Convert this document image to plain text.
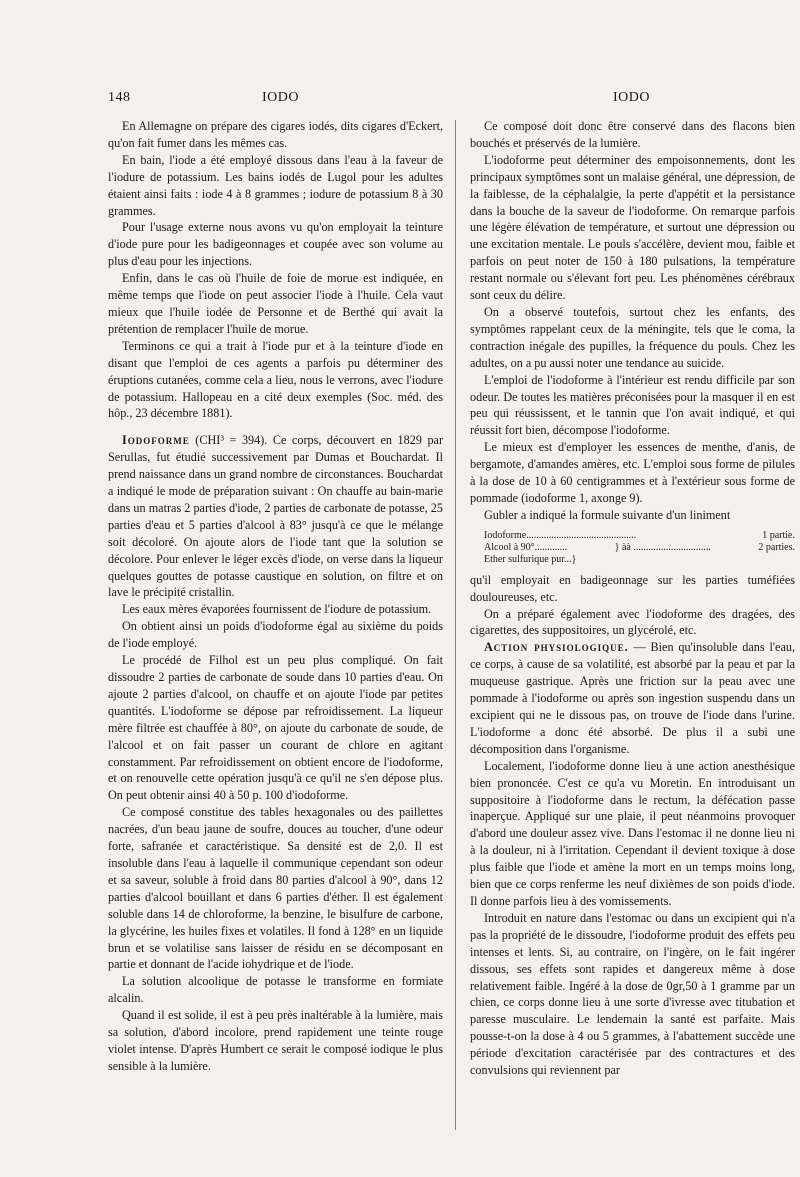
148	IODO	IODO

En Allemagne on prépare des cigares iodés, dits cigares d'Eckert, qu'on fait fumer dans les mêmes cas.

En bain, l'iode a été employé dissous dans l'eau à la faveur de l'iodure de potassium. Les bains iodés de Lugol pour les adultes étaient ainsi faits : iode 4 à 8 grammes ; iodure de potassium 8 à 30 grammes.

Pour l'usage externe nous avons vu qu'on employait la teinture d'iode pure pour les badigeonnages et coupée avec son volume au plus d'eau pour les injections.

Enfin, dans le cas où l'huile de foie de morue est indiquée, en même temps que l'iode on peut associer l'iode à l'huile. Cela vaut mieux que l'huile iodée de Personne et de Berthé qui avait la prétention de remplacer l'huile de morue.

Terminons ce qui a trait à l'iode pur et à la teinture d'iode en disant que l'emploi de ces agents a parfois pu déterminer des éruptions cutanées, comme cela a lieu, nous le verrons, avec l'iodure de potassium. Hallopeau en a cité deux exemples (Soc. méd. des hôp., 23 décembre 1881).

Iodoforme (CHI³ = 394). Ce corps, découvert en 1829 par Serullas, fut étudié successivement par Dumas et Bouchardat. Il prend naissance dans un grand nombre de circonstances. Bouchardat a indiqué le mode de préparation suivant : On chauffe au bain-marie dans un matras 2 parties d'iode, 2 parties de carbonate de potasse, 25 parties d'eau et 5 parties d'alcool à 83° jusqu'à ce que le mélange soit décoloré. On ajoute alors de l'iode tant que la solution se décolore. Pour enlever le léger excès d'iode, on verse dans la liqueur quelques gouttes de potasse caustique en solution, on filtre et on lave le précipité cristallin.

Les eaux mères évaporées fournissent de l'iodure de potassium.

On obtient ainsi un poids d'iodoforme égal au sixième du poids de l'iode employé.

Le procédé de Filhol est un peu plus compliqué. On fait dissoudre 2 parties de carbonate de soude dans 10 parties d'eau. On ajoute 2 parties d'alcool, on chauffe et on ajoute l'iode par petites quantités. L'iodoforme se dépose par refroidissement. La liqueur mère filtrée est chauffée à 80°, on ajoute du carbonate de soude, de l'alcool et on fait passer un courant de chlore en agitant constamment. Par refroidissement on obtient encore de l'iodoforme, et on renouvelle cette opération jusqu'à ce qu'il ne s'en dépose plus. On peut obtenir ainsi 40 à 50 p. 100 d'iodoforme.

Ce composé constitue des tables hexagonales ou des paillettes nacrées, d'un beau jaune de soufre, douces au toucher, d'une odeur forte, safranée et caractéristique. Sa densité est de 2,0. Il est insoluble dans l'eau à laquelle il communique cependant son odeur et sa saveur, soluble à froid dans 80 parties d'alcool à 90°, dans 12 parties d'alcool bouillant et dans 6 parties d'éther. Il est également soluble dans 14 de chloroforme, la benzine, le bisulfure de carbone, la glycérine, les huiles fixes et volatiles. Il fond à 128° en un liquide brun et se volatilise sans laisser de résidu en se décomposant en partie et donnant de l'acide iohydrique et de l'iode.

La solution alcoolique de potasse le transforme en formiate alcalin.

Quand il est solide, il est à peu près inaltérable à la lumière, mais sa solution, d'abord incolore, prend rapidement une teinte rouge violet intense. D'après Humbert ce serait le composé iodique le plus sensible à la lumière.

Ce composé doit donc être conservé dans des flacons bien bouchés et préservés de la lumière.

L'iodoforme peut déterminer des empoisonnements, dont les principaux symptômes sont un malaise général, une dépression, de la faiblesse, de la céphalalgie, la perte d'appétit et la persistance dans la bouche de la saveur de l'iodoforme. On remarque parfois une légère élévation de température, et surtout une dépression ou une excitation mentale. Le pouls s'accélère, devient mou, faible et parfois on peut noter de 150 à 180 pulsations, la température restant normale ou s'élevant fort peu. Les phénomènes cérébraux sont ceux du délire.

On a observé toutefois, surtout chez les enfants, des symptômes rappelant ceux de la méningite, tels que le coma, la contraction inégale des pupilles, la fréquence du pouls. Chez les adultes, on a pu aussi noter une tendance au suicide.

L'emploi de l'iodoforme à l'intérieur est rendu difficile par son odeur. De toutes les matières préconisées pour la masquer il en est peu qui réussissent, et le tannin que l'on avait indiqué, et qui réussit fort bien, décompose l'iodoforme.

Le mieux est d'employer les essences de menthe, d'anis, de bergamote, d'amandes amères, etc. L'emploi sous forme de pilules à la dose de 10 à 60 centigrammes et à l'extérieur sous forme de pommade (iodoforme 1, axonge 9).

Gubler a indiqué la formule suivante d'un liniment

Iodoforme............................................	1 partie.
Alcool à 90°.............	} àà ...............................	2 parties.
Ether sulfurique pur...}

qu'il employait en badigeonnage sur les parties tuméfiées douloureuses, etc.

On a préparé également avec l'iodoforme des dragées, des cigarettes, des suppositoires, un glycérolé, etc.

Action physiologique. — Bien qu'insoluble dans l'eau, ce corps, à cause de sa volatilité, est absorbé par la peau et par la muqueuse gastrique. Après une friction sur la peau avec une pommade à l'iodoforme ou après son ingestion suspendu dans un excipient qui ne le dissous pas, on trouve de l'iode dans l'urine. L'iodoforme a donc été absorbé. De plus il a subi une décomposition dans l'organisme.

Localement, l'iodoforme donne lieu à une action anesthésique bien prononcée. C'est ce qu'a vu Moretin. En introduisant un suppositoire à l'iodoforme dans le rectum, la défécation passe inaperçue. Appliqué sur une plaie, il peut néanmoins provoquer d'abord une douleur assez vive. Dans l'estomac il ne donne lieu ni à la douleur, ni à l'irritation. Cependant il devient toxique à dose plus faible que l'iode et amène la mort en un temps moins long, bien que ce corps renferme les neuf dixièmes de son poids d'iode. Il donne parfois lieu à des vomissements.

Introduit en nature dans l'estomac ou dans un excipient qui n'a pas la propriété de le dissoudre, l'iodoforme produit des effets peu intenses et lents. Si, au contraire, on l'ingère, on le fait ingérer dissous, ses effets sont rapides et dangereux même à dose relativement faible. Ingéré à la dose de 0gr,50 à 1 gramme par un chien, ce corps donne lieu à une sorte d'ivresse avec titubation et paresse musculaire. Le lendemain la santé est parfaite. Mais pousse-t-on la dose à 4 ou 5 grammes, à l'abattement succède une période d'excitation caractérisée par des contractures et des convulsions qui reviennent par
